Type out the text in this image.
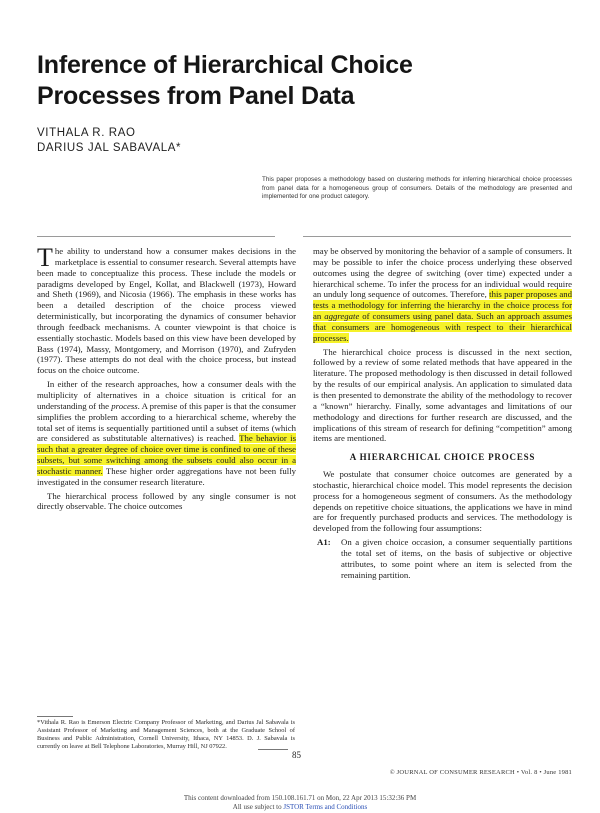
Inference of Hierarchical Choice
Processes from Panel Data
VITHALA R. RAO
DARIUS JAL SABAVALA*
This paper proposes a methodology based on clustering methods for inferring hierarchical choice processes from panel data for a homogeneous group of consumers. Details of the methodology are presented and implemented for one product category.

The ability to understand how a consumer makes decisions in the marketplace is essential to consumer research. Several attempts have been made to conceptualize this process. These include the models or paradigms developed by Engel, Kollat, and Blackwell (1973), Howard and Sheth (1969), and Nicosia (1966). The emphasis in these works has been a detailed description of the choice process viewed deterministically, but incorporating the dynamics of consumer behavior through feedback mechanisms. A counter viewpoint is that choice is essentially stochastic. Models based on this view have been developed by Bass (1974), Massy, Montgomery, and Morrison (1970), and Zufryden (1977). These attempts do not deal with the choice process, but instead focus on the choice outcome.

In either of the research approaches, how a consumer deals with the multiplicity of alternatives in a choice situation is critical for an understanding of the process. A premise of this paper is that the consumer simplifies the problem according to a hierarchical scheme, whereby the total set of items is sequentially partitioned until a subset of items (which are considered as substitutable alternatives) is reached. The behavior is such that a greater degree of choice over time is confined to one of these subsets, but some switching among the subsets could also occur in a stochastic manner. These higher order aggregations have not been fully investigated in the consumer research literature.

The hierarchical process followed by any single consumer is not directly observable. The choice outcomes

may be observed by monitoring the behavior of a sample of consumers. It may be possible to infer the choice process underlying these observed outcomes using the degree of switching (over time) expected under a hierarchical scheme. To infer the process for an individual would require an unduly long sequence of outcomes. Therefore, this paper proposes and tests a methodology for inferring the hierarchy in the choice process for an aggregate of consumers using panel data. Such an approach assumes that consumers are homogeneous with respect to their hierarchical processes.

The hierarchical choice process is discussed in the next section, followed by a review of some related methods that have appeared in the literature. The proposed methodology is then discussed in detail followed by the results of our empirical analysis. An application to simulated data is then presented to demonstrate the ability of the methodology to recover a “known” hierarchy. Finally, some advantages and limitations of our methodology and directions for further research are discussed, and the implications of this stream of research for defining “competition” among items are mentioned.

A HIERARCHICAL CHOICE PROCESS

We postulate that consumer choice outcomes are generated by a stochastic, hierarchical choice model. This model represents the decision process for a homogeneous segment of consumers. As the methodology depends on repetitive choice situations, the applications we have in mind are for frequently purchased products and services. The methodology is developed from the following four assumptions:

A1:	On a given choice occasion, a consumer sequentially partitions the total set of items, on the basis of subjective or objective attributes, to some point where an item is selected from the remaining partition.
*Vithala R. Rao is Emerson Electric Company Professor of Marketing, and Darius Jal Sabavala is Assistant Professor of Marketing and Management Sciences, both at the Graduate School of Business and Public Administration, Cornell University, Ithaca, NY 14853. D. J. Sabavala is currently on leave at Bell Telephone Laboratories, Murray Hill, NJ 07922.
85
© JOURNAL OF CONSUMER RESEARCH • Vol. 8 • June 1981
This content downloaded from 150.108.161.71 on Mon, 22 Apr 2013 15:32:36 PM
All use subject to JSTOR Terms and Conditions
